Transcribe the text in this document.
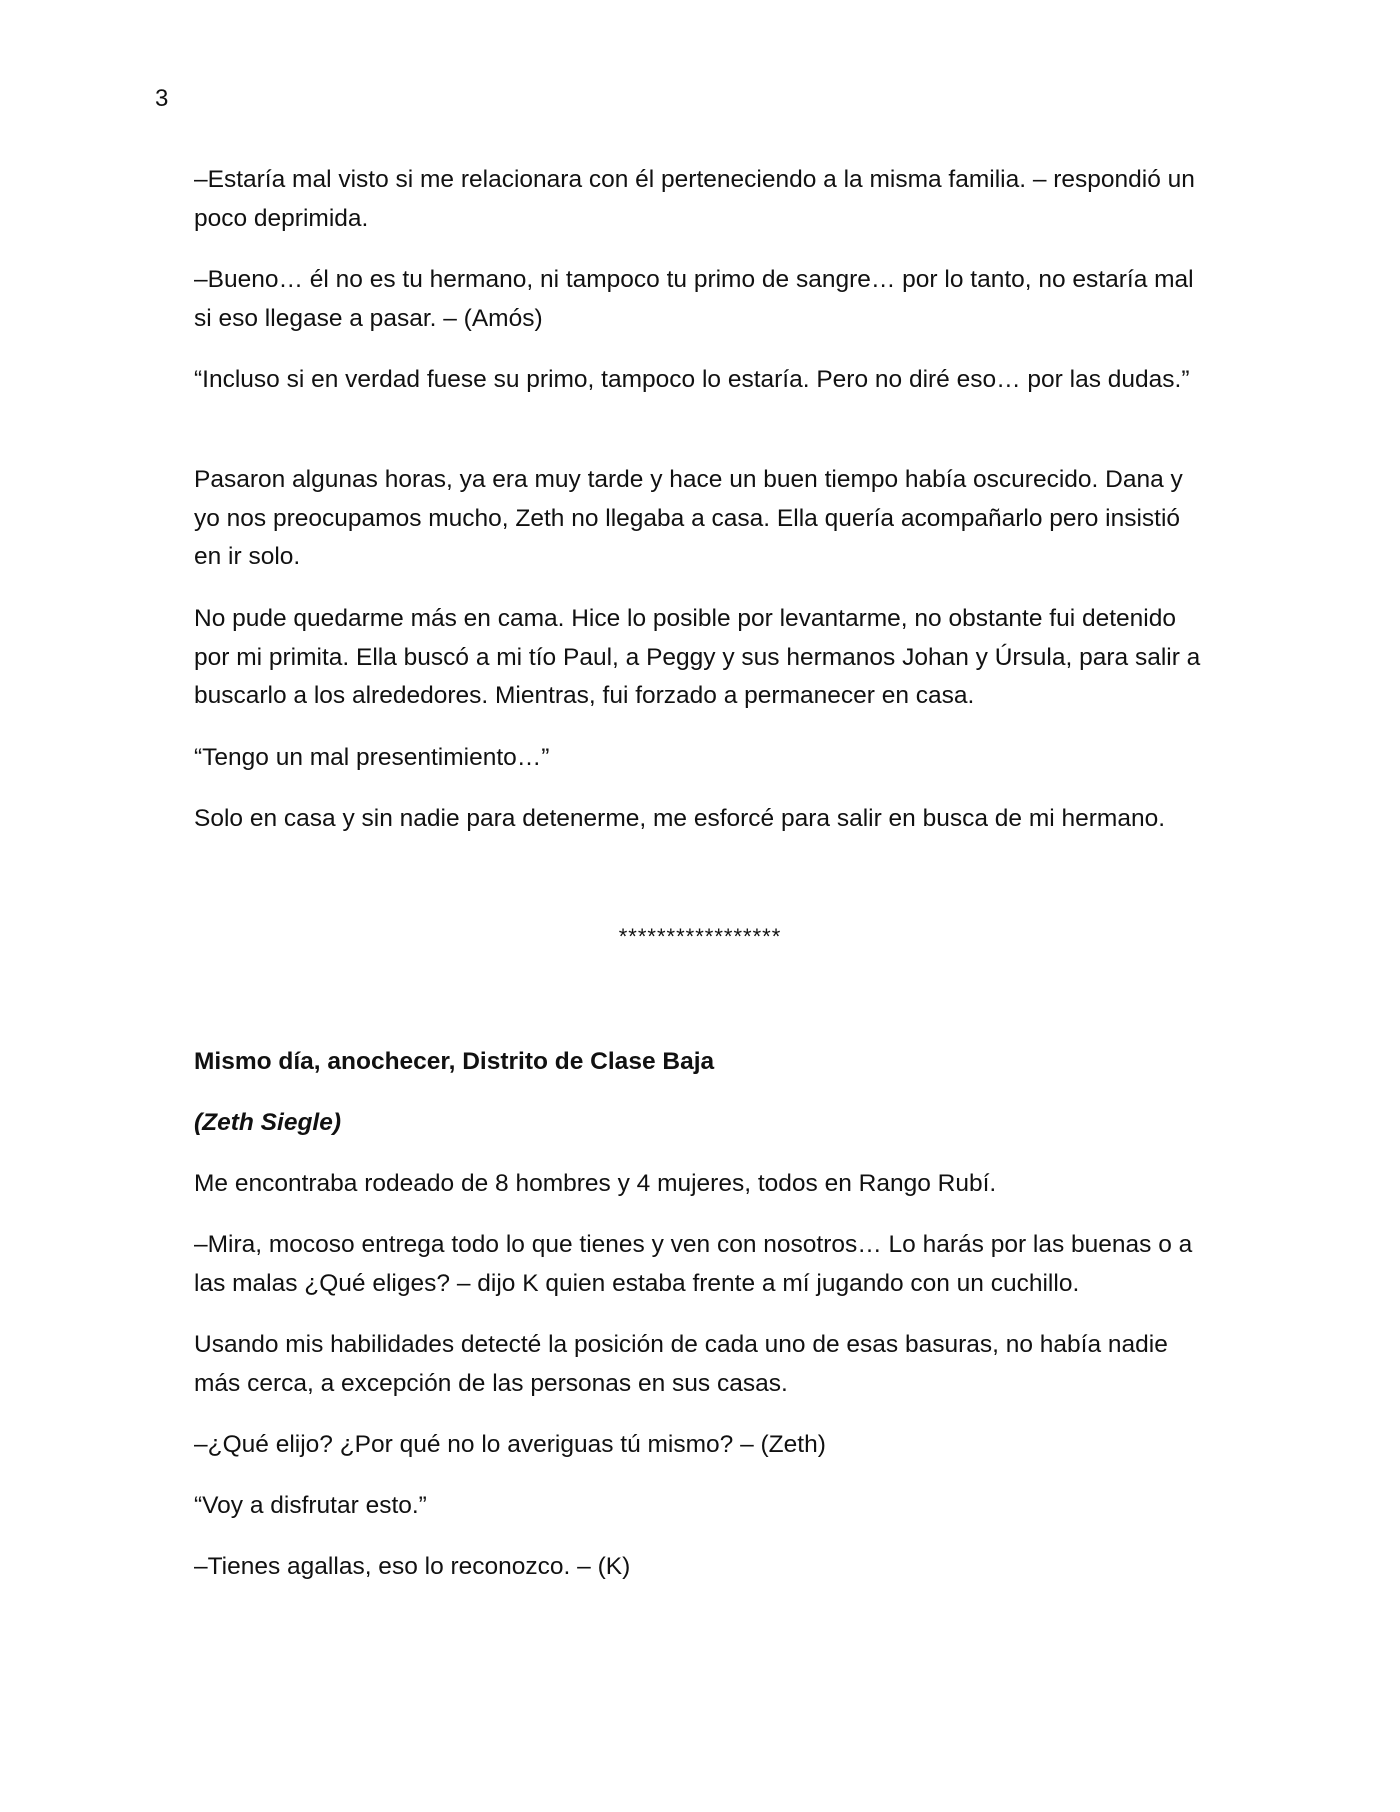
3

–Estaría mal visto si me relacionara con él perteneciendo a la misma familia. – respondió un poco deprimida.

–Bueno… él no es tu hermano, ni tampoco tu primo de sangre… por lo tanto, no estaría mal si eso llegase a pasar. – (Amós)

“Incluso si en verdad fuese su primo, tampoco lo estaría. Pero no diré eso… por las dudas.”

Pasaron algunas horas, ya era muy tarde y hace un buen tiempo había oscurecido. Dana y yo nos preocupamos mucho, Zeth no llegaba a casa. Ella quería acompañarlo pero insistió en ir solo.

No pude quedarme más en cama. Hice lo posible por levantarme, no obstante fui detenido por mi primita. Ella buscó a mi tío Paul, a Peggy y sus hermanos Johan y Úrsula, para salir a buscarlo a los alrededores. Mientras, fui forzado a permanecer en casa.

“Tengo un mal presentimiento…”

Solo en casa y sin nadie para detenerme, me esforcé para salir en busca de mi hermano.

*****************

Mismo día, anochecer, Distrito de Clase Baja

(Zeth Siegle)

Me encontraba rodeado de 8 hombres y 4 mujeres, todos en Rango Rubí.

–Mira, mocoso entrega todo lo que tienes y ven con nosotros… Lo harás por las buenas o a las malas ¿Qué eliges? – dijo K quien estaba frente a mí jugando con un cuchillo.

Usando mis habilidades detecté la posición de cada uno de esas basuras, no había nadie más cerca, a excepción de las personas en sus casas.

–¿Qué elijo? ¿Por qué no lo averiguas tú mismo? – (Zeth)

“Voy a disfrutar esto.”

–Tienes agallas, eso lo reconozco. – (K)
